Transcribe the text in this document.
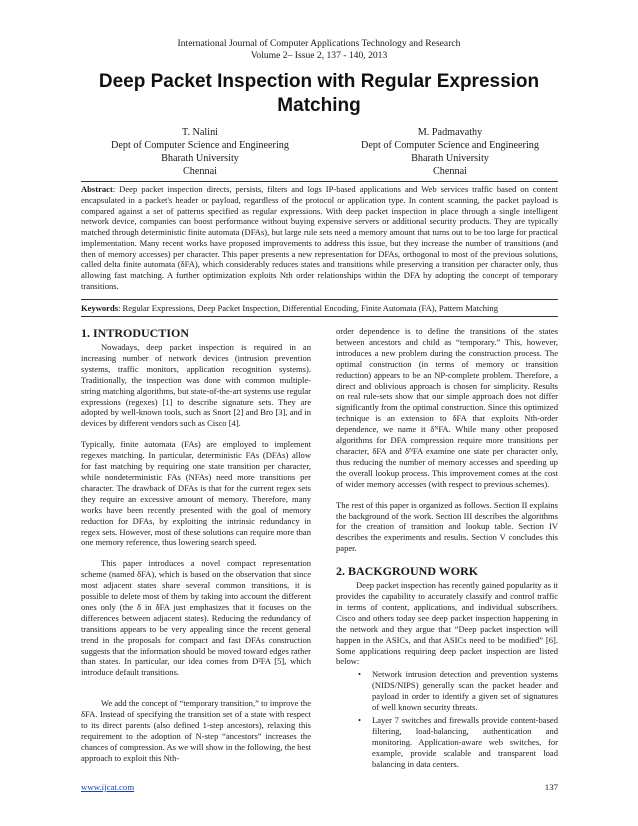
International Journal of Computer Applications Technology and Research
Volume 2– Issue 2, 137 - 140, 2013
Deep Packet Inspection with Regular Expression Matching
T. Nalini
Dept of Computer Science and Engineering
Bharath University
Chennai
M. Padmavathy
Dept of Computer Science and Engineering
Bharath University
Chennai
Abstract: Deep packet inspection directs, persists, filters and logs IP-based applications and Web services traffic based on content encapsulated in a packet's header or payload, regardless of the protocol or application type. In content scanning, the packet payload is compared against a set of patterns specified as regular expressions. With deep packet inspection in place through a single intelligent network device, companies can boost performance without buying expensive servers or additional security products. They are typically matched through deterministic finite automata (DFAs), but large rule sets need a memory amount that turns out to be too large for practical implementation. Many recent works have proposed improvements to address this issue, but they increase the number of transitions (and then of memory accesses) per character. This paper presents a new representation for DFAs, orthogonal to most of the previous solutions, called delta finite automata (δFA), which considerably reduces states and transitions while preserving a transition per character only, thus allowing fast matching. A further optimization exploits Nth order relationships within the DFA by adopting the concept of temporary transitions.
Keywords: Regular Expressions, Deep Packet Inspection, Differential Encoding, Finite Automata (FA), Pattern Matching
1. INTRODUCTION

Nowadays, deep packet inspection is required in an increasing number of network devices (intrusion prevention systems, traffic monitors, application recognition systems). Traditionally, the inspection was done with common multiple-string matching algorithms, but state-of-the-art systems use regular expressions (regexes) [1] to describe signature sets. They are adopted by well-known tools, such as Snort [2] and Bro [3], and in devices by different vendors such as Cisco [4].

Typically, finite automata (FAs) are employed to implement regexes matching. In particular, deterministic FAs (DFAs) allow for fast matching by requiring one state transition per character, while nondeterministic FAs (NFAs) need more transitions per character. The drawback of DFAs is that for the current regex sets they require an excessive amount of memory. Therefore, many works have been recently presented with the goal of memory reduction for DFAs, by exploiting the intrinsic redundancy in regex sets. However, most of these solutions can require more than one memory reference, thus lowering search speed.

This paper introduces a novel compact representation scheme (named δFA), which is based on the observation that since most adjacent states share several common transitions, it is possible to delete most of them by taking into account the different ones only (the δ in δFA just emphasizes that it focuses on the differences between adjacent states). Reducing the redundancy of transitions appears to be very appealing since the recent general trend in the proposals for compact and fast DFAs construction suggests that the information should be moved toward edges rather than states. In particular, our idea comes from D²FA [5], which introduce default transitions.

We add the concept of “temporary transition,” to improve the δFA. Instead of specifying the transition set of a state with respect to its direct parents (also defined 1-step ancestors), relaxing this requirement to the adoption of N-step “ancestors” increases the chances of compression. As we will show in the following, the best approach to exploit this Nth-

order dependence is to define the transitions of the states between ancestors and child as “temporary.” This, however, introduces a new problem during the construction process. The optimal construction (in terms of memory or transition reduction) appears to be an NP-complete problem. Therefore, a direct and oblivious approach is chosen for simplicity. Results on real rule-sets show that our simple approach does not differ significantly from the optimal construction. Since this optimized technique is an extension to δFA that exploits Nth-order dependence, we name it δᴺFA. While many other proposed algorithms for DFA compression require more transitions per character, δFA and δᴺFA examine one state per character only, thus reducing the number of memory accesses and speeding up the overall lookup process. This improvement comes at the cost of wider memory accesses (with respect to previous schemes).

The rest of this paper is organized as follows. Section II explains the background of the work. Section III describes the algorithms for the creation of transition and lookup table. Section IV describes the experiments and results. Section V concludes this paper.

2. BACKGROUND WORK

Deep packet inspection has recently gained popularity as it provides the capability to accurately classify and control traffic in terms of content, applications, and individual subscribers. Cisco and others today see deep packet inspection happening in the network and they argue that “Deep packet inspection will happen in the ASICs, and that ASICs need to be modified” [6]. Some applications requiring deep packet inspection are listed below:

• Network intrusion detection and prevention systems (NIDS/NIPS) generally scan the packet header and payload in order to identify a given set of signatures of well known security threats.
• Layer 7 switches and firewalls provide content-based filtering, load-balancing, authentication and monitoring. Application-aware web switches, for example, provide scalable and transparent load balancing in data centers.
www.ijcat.com	137
